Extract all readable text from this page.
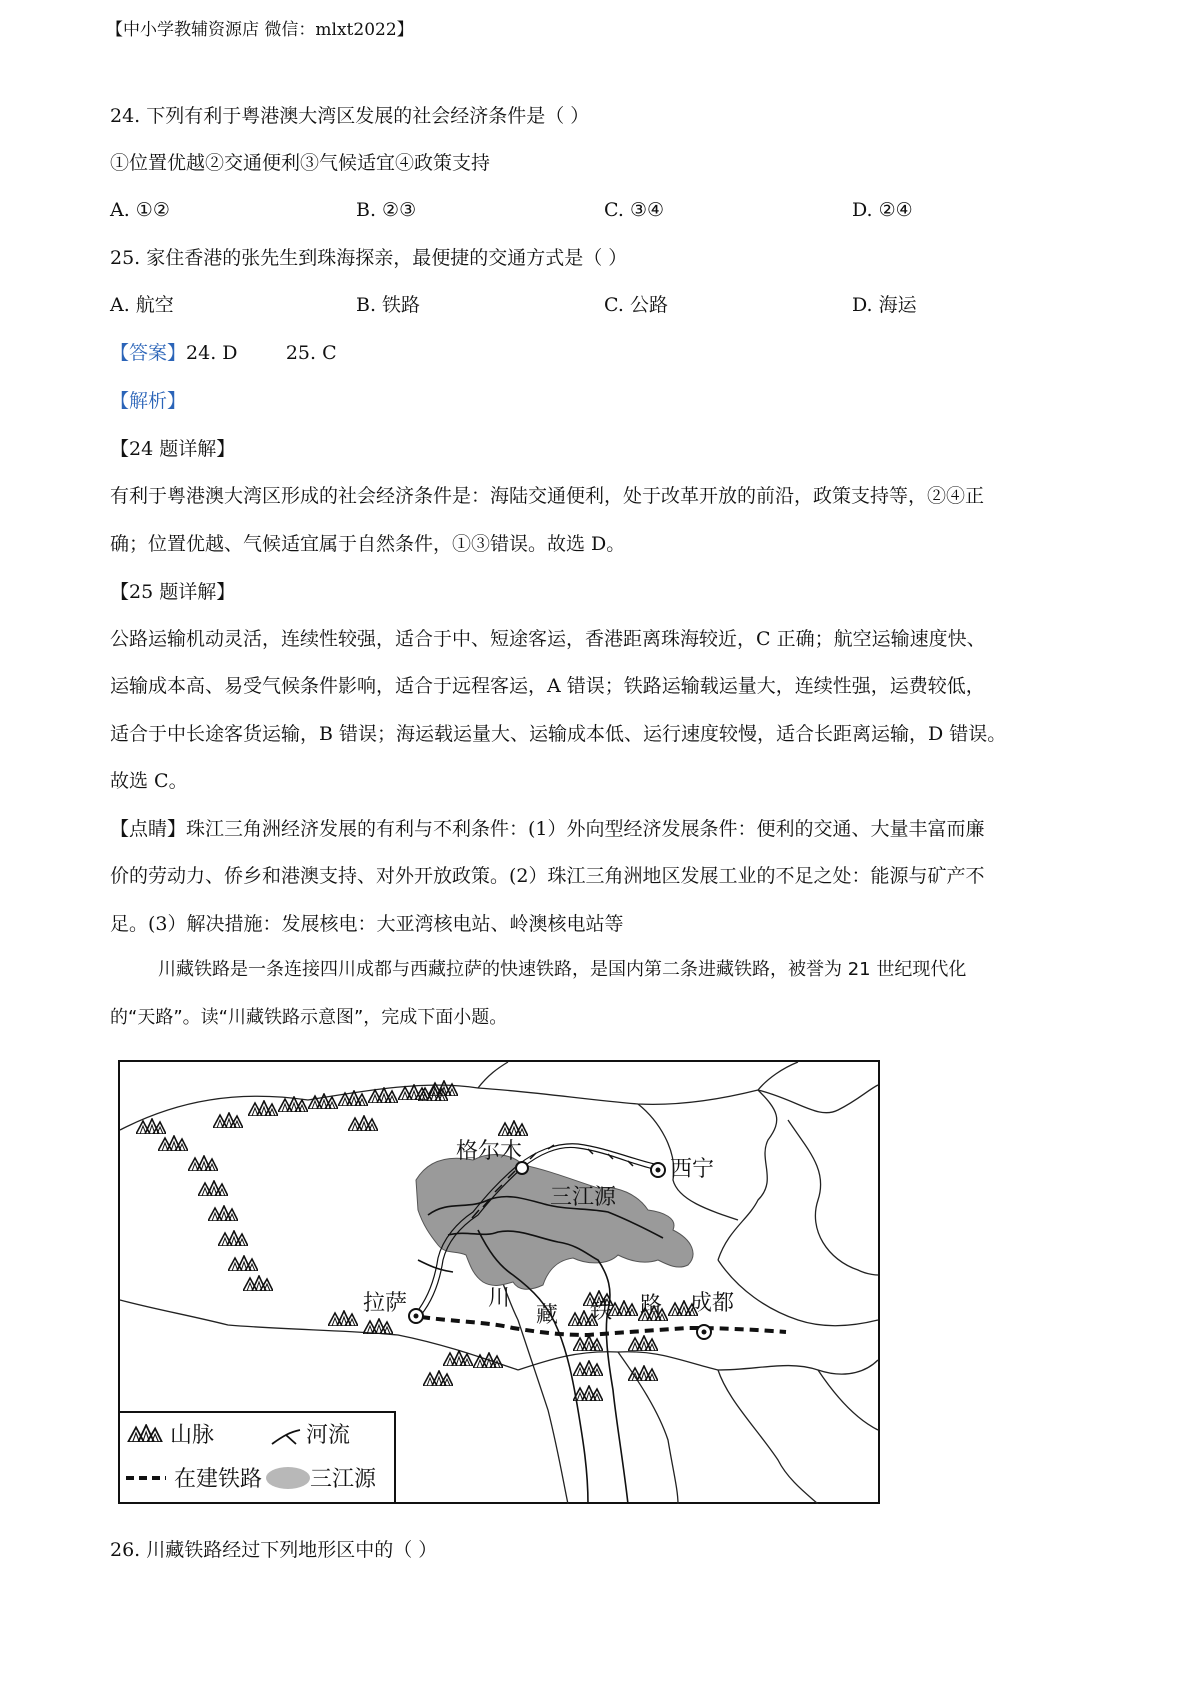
【中小学教辅资源店 微信：mlxt2022】
24. 下列有利于粤港澳大湾区发展的社会经济条件是（ ）
①位置优越②交通便利③气候适宜④政策支持
A. ①②	B. ②③	C. ③④	D. ②④
25. 家住香港的张先生到珠海探亲，最便捷的交通方式是（ ）
A. 航空	B. 铁路	C. 公路	D. 海运
【答案】24. D        25. C
【解析】
【24 题详解】
有利于粤港澳大湾区形成的社会经济条件是：海陆交通便利，处于改革开放的前沿，政策支持等，②④正
确；位置优越、气候适宜属于自然条件，①③错误。故选 D。
【25 题详解】
公路运输机动灵活，连续性较强，适合于中、短途客运，香港距离珠海较近，C 正确；航空运输速度快、
运输成本高、易受气候条件影响，适合于远程客运，A 错误；铁路运输载运量大，连续性强，运费较低，
适合于中长途客货运输，B 错误；海运载运量大、运输成本低、运行速度较慢，适合长距离运输，D 错误。
故选 C。
【点睛】珠江三角洲经济发展的有利与不利条件：(1）外向型经济发展条件：便利的交通、大量丰富而廉
价的劳动力、侨乡和港澳支持、对外开放政策。(2）珠江三角洲地区发展工业的不足之处：能源与矿产不
足。(3）解决措施：发展核电：大亚湾核电站、岭澳核电站等
川藏铁路是一条连接四川成都与西藏拉萨的快速铁路，是国内第二条进藏铁路，被誉为 21 世纪现代化
的“天路”。读“川藏铁路示意图”，完成下面小题。
格尔木
西宁
拉萨	成都
三江源
川
藏 铁 路
山脉	河流
在建铁路 三江源
26. 川藏铁路经过下列地形区中的（ ）
